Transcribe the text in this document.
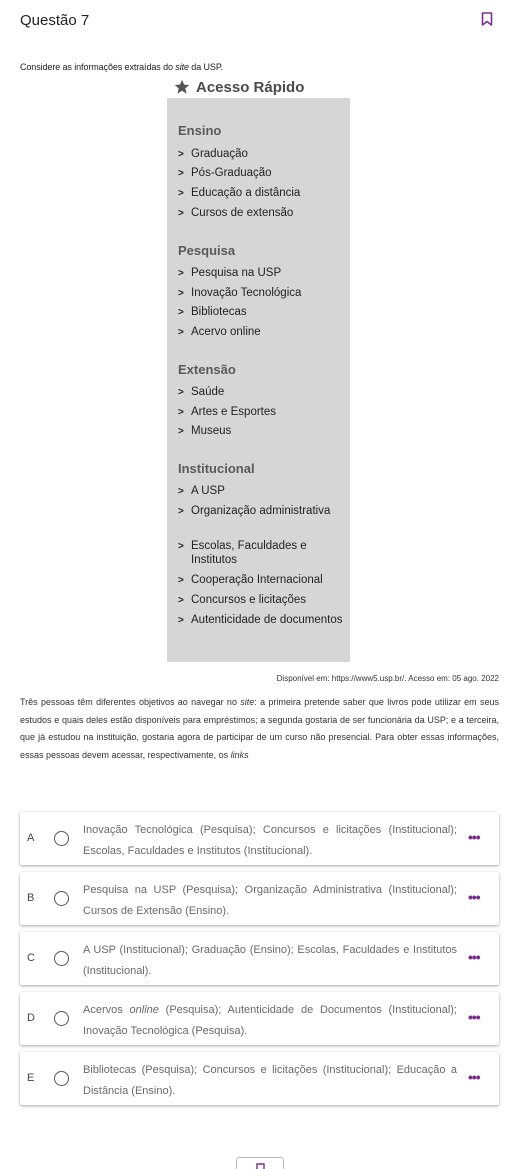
Questão 7
Considere as informações extraídas do site da USP.
Acesso Rápido
Ensino
> Graduação
> Pós-Graduação
> Educação a distância
> Cursos de extensão
Pesquisa
> Pesquisa na USP
> Inovação Tecnológica
> Bibliotecas
> Acervo online
Extensão
> Saúde
> Artes e Esportes
> Museus
Institucional
> A USP
> Organização administrativa
> Escolas, Faculdades e Institutos
> Cooperação Internacional
> Concursos e licitações
> Autenticidade de documentos
Disponível em: https://www5.usp.br/. Acesso em: 05 ago. 2022
Três pessoas têm diferentes objetivos ao navegar no site: a primeira pretende saber que livros pode utilizar em seus estudos e quais deles estão disponíveis para empréstimos; a segunda gostaria de ser funcionária da USP; e a terceira, que já estudou na instituição, gostaria agora de participar de um curso não presencial. Para obter essas informações, essas pessoas devem acessar, respectivamente, os links
A
Inovação Tecnológica (Pesquisa); Concursos e licitações (Institucional); Escolas, Faculdades e Institutos (Institucional).
•••
B
Pesquisa na USP (Pesquisa); Organização Administrativa (Institucional); Cursos de Extensão (Ensino).
•••
C
A USP (Institucional); Graduação (Ensino); Escolas, Faculdades e Institutos (Institucional).
•••
D
Acervos online (Pesquisa); Autenticidade de Documentos (Institucional); Inovação Tecnológica (Pesquisa).
•••
E
Bibliotecas (Pesquisa); Concursos e licitações (Institucional); Educação a Distância (Ensino).
•••
